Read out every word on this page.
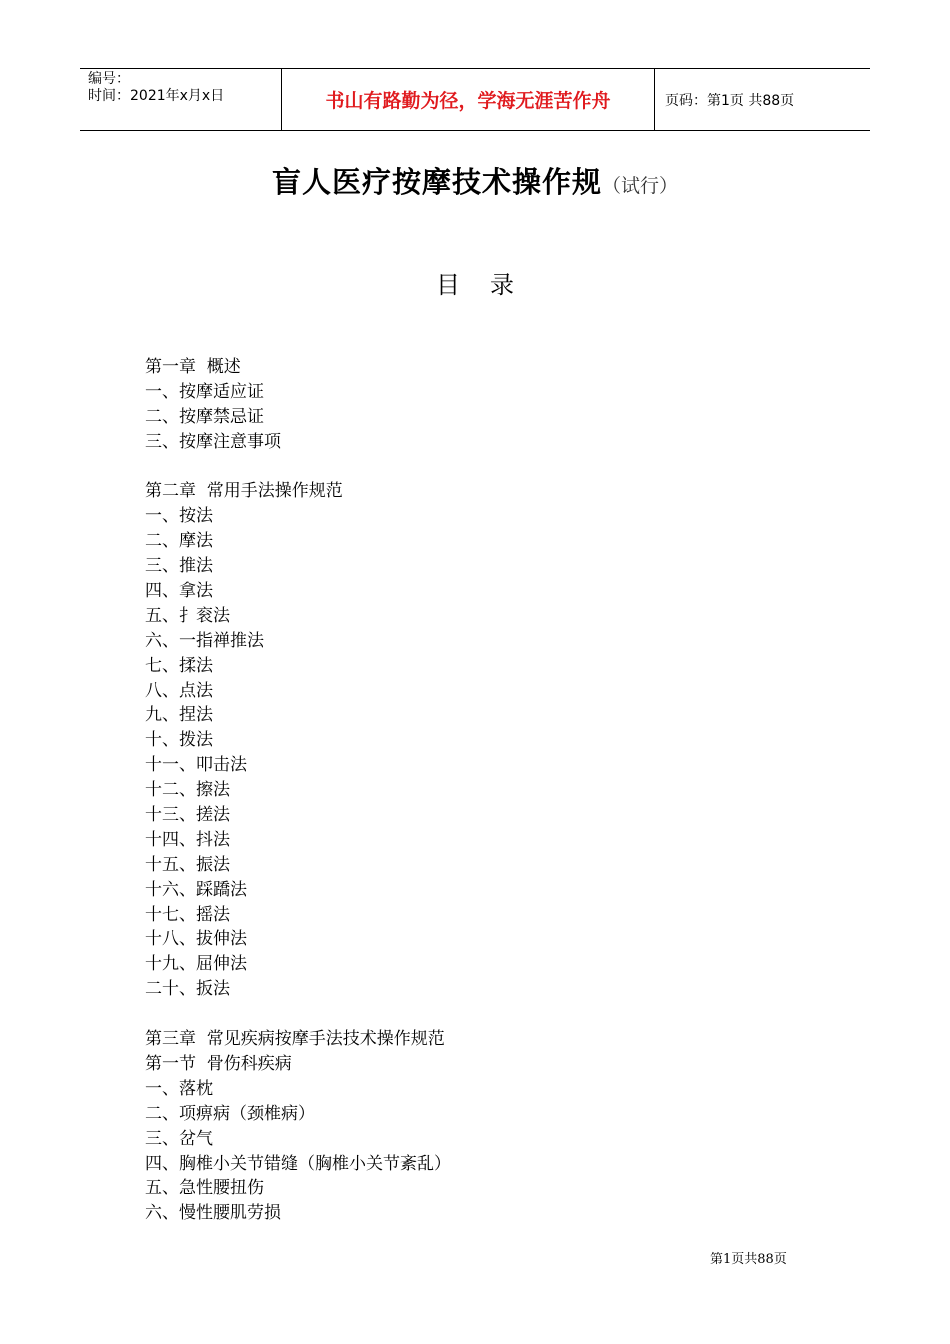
编号：
时间：2021年x月x日	书山有路勤为径，学海无涯苦作舟	页码：第1页 共88页
盲人医疗按摩技术操作规（试行）
目录
第一章  概述
一、按摩适应证
二、按摩禁忌证
三、按摩注意事项
第二章  常用手法操作规范
一、按法
二、摩法
三、推法
四、拿法
五、扌衮法
六、一指禅推法
七、揉法
八、点法
九、捏法
十、拨法
十一、叩击法
十二、擦法
十三、搓法
十四、抖法
十五、振法
十六、踩蹻法
十七、摇法
十八、拔伸法
十九、屈伸法
二十、扳法
第三章  常见疾病按摩手法技术操作规范
第一节  骨伤科疾病
一、落枕
二、项痹病（颈椎病）
三、岔气
四、胸椎小关节错缝（胸椎小关节紊乱）
五、急性腰扭伤
六、慢性腰肌劳损
第1页共88页
